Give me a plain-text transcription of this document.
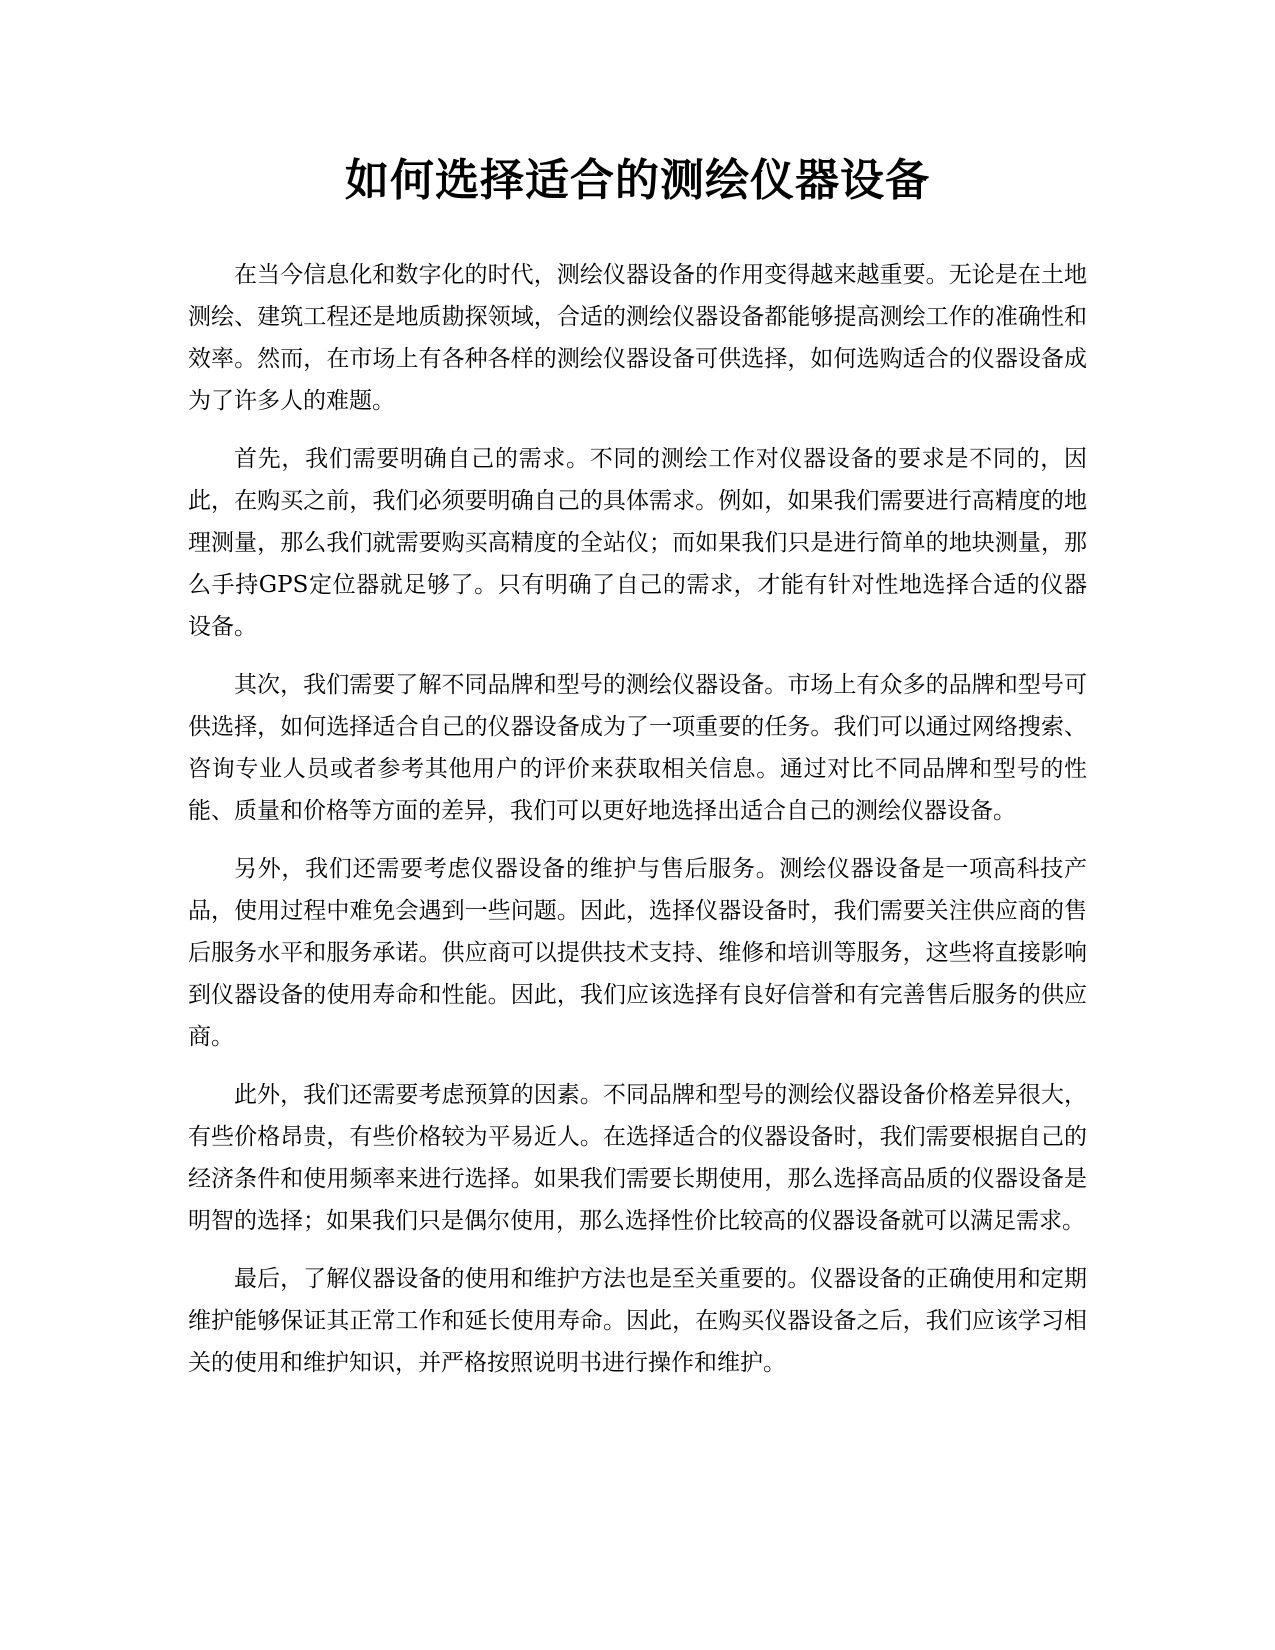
如何选择适合的测绘仪器设备

在当今信息化和数字化的时代，测绘仪器设备的作用变得越来越重要。无论是在土地测绘、建筑工程还是地质勘探领域，合适的测绘仪器设备都能够提高测绘工作的准确性和效率。然而，在市场上有各种各样的测绘仪器设备可供选择，如何选购适合的仪器设备成为了许多人的难题。

首先，我们需要明确自己的需求。不同的测绘工作对仪器设备的要求是不同的，因此，在购买之前，我们必须要明确自己的具体需求。例如，如果我们需要进行高精度的地理测量，那么我们就需要购买高精度的全站仪；而如果我们只是进行简单的地块测量，那么手持GPS定位器就足够了。只有明确了自己的需求，才能有针对性地选择合适的仪器设备。

其次，我们需要了解不同品牌和型号的测绘仪器设备。市场上有众多的品牌和型号可供选择，如何选择适合自己的仪器设备成为了一项重要的任务。我们可以通过网络搜索、咨询专业人员或者参考其他用户的评价来获取相关信息。通过对比不同品牌和型号的性能、质量和价格等方面的差异，我们可以更好地选择出适合自己的测绘仪器设备。

另外，我们还需要考虑仪器设备的维护与售后服务。测绘仪器设备是一项高科技产品，使用过程中难免会遇到一些问题。因此，选择仪器设备时，我们需要关注供应商的售后服务水平和服务承诺。供应商可以提供技术支持、维修和培训等服务，这些将直接影响到仪器设备的使用寿命和性能。因此，我们应该选择有良好信誉和有完善售后服务的供应商。

此外，我们还需要考虑预算的因素。不同品牌和型号的测绘仪器设备价格差异很大，有些价格昂贵，有些价格较为平易近人。在选择适合的仪器设备时，我们需要根据自己的经济条件和使用频率来进行选择。如果我们需要长期使用，那么选择高品质的仪器设备是明智的选择；如果我们只是偶尔使用，那么选择性价比较高的仪器设备就可以满足需求。

最后，了解仪器设备的使用和维护方法也是至关重要的。仪器设备的正确使用和定期维护能够保证其正常工作和延长使用寿命。因此，在购买仪器设备之后，我们应该学习相关的使用和维护知识，并严格按照说明书进行操作和维护。
